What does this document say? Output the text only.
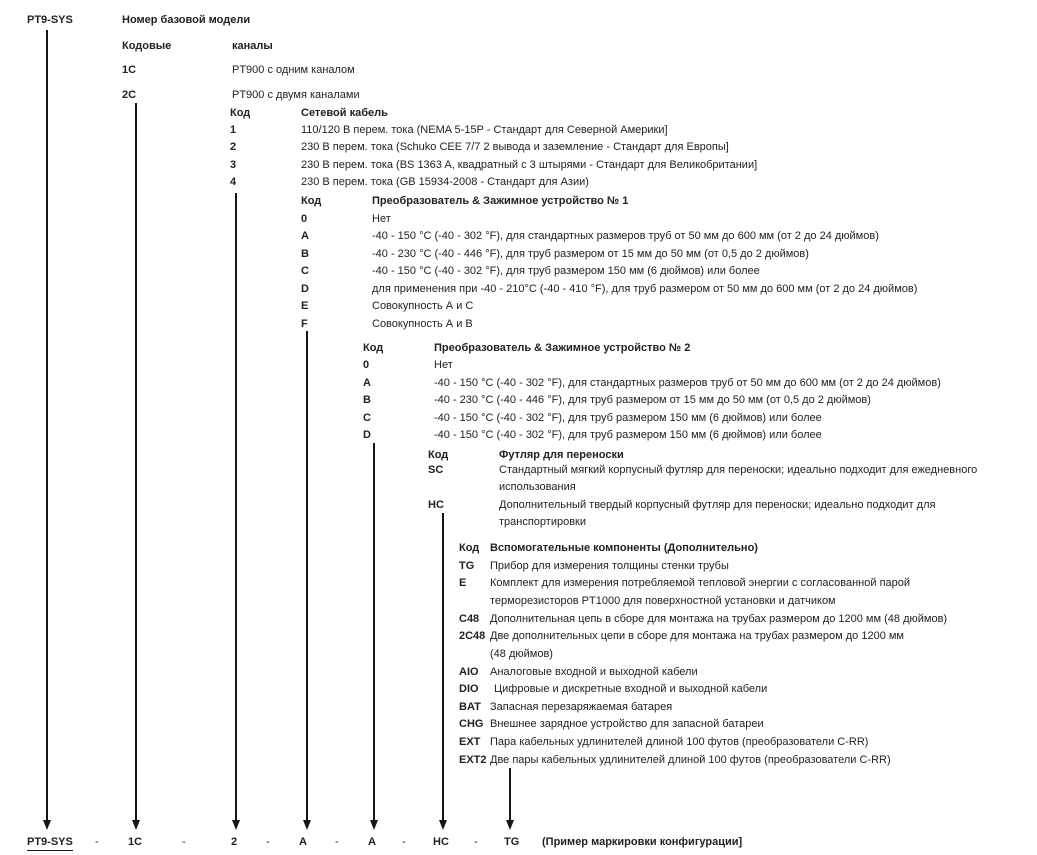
PT9-SYS	Номер базовой модели
Кодовые	каналы
1C	PT900 с одним каналом
2C	PT900 с двумя каналами
Код	Сетевой кабель
1	110/120 В перем. тока (NEMA 5-15P - Стандарт для Северной Америки]
2	230 В перем. тока (Schuko CEE 7/7 2 вывода и заземление - Стандарт для Европы]
3	230 В перем. тока (BS 1363 A, квадратный с 3 штырями - Стандарт для Великобритании]
4	230 В перем. тока (GB 15934-2008 - Стандарт для Азии)
Код	Преобразователь & Зажимное устройство № 1
0	Нет
A	-40 - 150 °C (-40 - 302 °F), для стандартных размеров труб от 50 мм до 600 мм (от 2 до 24 дюймов)
B	-40 - 230 °C (-40 - 446 °F), для труб размером от 15 мм до 50 мм (от 0,5 до 2 дюймов)
C	-40 - 150 °C (-40 - 302 °F), для труб размером 150 мм (6 дюймов) или более
D	для применения при -40 - 210°C (-40 - 410 °F), для труб размером от 50 мм до 600 мм (от 2 до 24 дюймов)
E	Совокупность А и С
F	Совокупность А и В
Код	Преобразователь & Зажимное устройство № 2
0	Нет
A	-40 - 150 °C (-40 - 302 °F), для стандартных размеров труб от 50 мм до 600 мм (от 2 до 24 дюймов)
B	-40 - 230 °C (-40 - 446 °F), для труб размером от 15 мм до 50 мм (от 0,5 до 2 дюймов)
C	-40 - 150 °C (-40 - 302 °F), для труб размером 150 мм (6 дюймов) или более
D	-40 - 150 °C (-40 - 302 °F), для труб размером 150 мм (6 дюймов) или более
Код	Футляр для переноски
SC	Стандартный мягкий корпусный футляр для переноски; идеально подходит для ежедневного
использования
HC	Дополнительный твердый корпусный футляр для переноски; идеально подходит для
транспортировки
Код Вспомогательные компоненты (Дополнительно)
TG Прибор для измерения толщины стенки трубы
E Комплект для измерения потребляемой тепловой энергии с согласованной парой
терморезисторов PT1000 для поверхностной установки и датчиком
C48 Дополнительная цепь в сборе для монтажа на трубах размером до 1200 мм (48 дюймов)
2C48 Две дополнительных цепи в сборе для монтажа на трубах размером до 1200 мм
(48 дюймов)
AIO Аналоговые входной и выходной кабели
DIO Цифровые и дискретные входной и выходной кабели
BAT Запасная перезаряжаемая батарея
CHG Внешнее зарядное устройство для запасной батареи
EXT Пара кабельных удлинителей длиной 100 футов (преобразователи C-RR)
EXT2 Две пары кабельных удлинителей длиной 100 футов (преобразователи C-RR)
PT9-SYS -	1C	-	2	-	A	-	A - HC - TG (Пример маркировки конфигурации]
